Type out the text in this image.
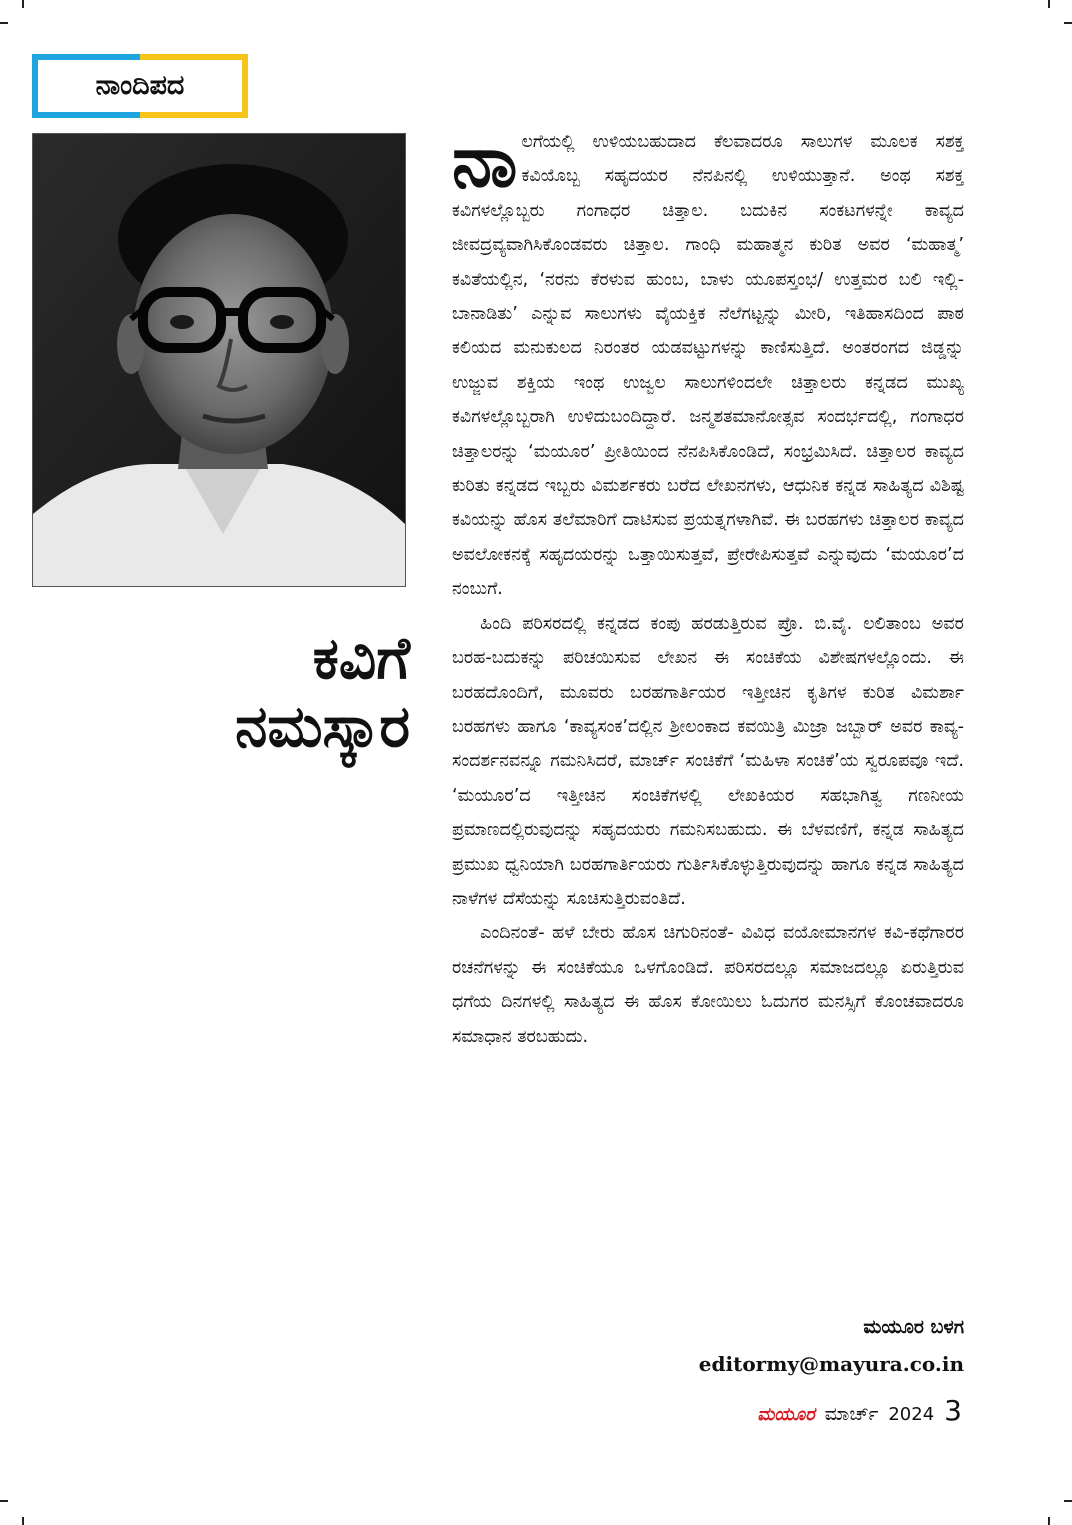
ನಾಂದಿಪದ
ಕವಿಗೆ
ನಮಸ್ಕಾರ

ನಾಲಗೆಯಲ್ಲಿ ಉಳಿಯಬಹುದಾದ ಕೆಲವಾದರೂ ಸಾಲುಗಳ ಮೂಲಕ ಸಶಕ್ತ ಕವಿಯೊಬ್ಬ ಸಹೃದಯರ ನೆನಪಿನಲ್ಲಿ ಉಳಿಯುತ್ತಾನೆ. ಅಂಥ ಸಶಕ್ತ ಕವಿಗಳಲ್ಲೊಬ್ಬರು ಗಂಗಾಧರ ಚಿತ್ತಾಲ. ಬದುಕಿನ ಸಂಕಟಗಳನ್ನೇ ಕಾವ್ಯದ ಜೀವದ್ರವ್ಯವಾಗಿಸಿಕೊಂಡವರು ಚಿತ್ತಾಲ. ಗಾಂಧಿ ಮಹಾತ್ಮನ ಕುರಿತ ಅವರ ‘ಮಹಾತ್ಮ’ ಕವಿತೆಯಲ್ಲಿನ, ‘ನರನು ಕೆರಳುವ ಹುಂಬ, ಬಾಳು ಯೂಪಸ್ತಂಭ/ ಉತ್ತಮರ ಬಲಿ ಇಲ್ಲಿ-ಬಾನಾಡಿತು’ ಎನ್ನುವ ಸಾಲುಗಳು ವೈಯಕ್ತಿಕ ನೆಲೆಗಟ್ಟನ್ನು ಮೀರಿ, ಇತಿಹಾಸದಿಂದ ಪಾಠ ಕಲಿಯದ ಮನುಕುಲದ ನಿರಂತರ ಯಡವಟ್ಟುಗಳನ್ನು ಕಾಣಿಸುತ್ತಿದೆ. ಅಂತರಂಗದ ಜಿಡ್ಡನ್ನು ಉಜ್ಜುವ ಶಕ್ತಿಯ ಇಂಥ ಉಜ್ವಲ ಸಾಲುಗಳಿಂದಲೇ ಚಿತ್ತಾಲರು ಕನ್ನಡದ ಮುಖ್ಯ ಕವಿಗಳಲ್ಲೊಬ್ಬರಾಗಿ ಉಳಿದುಬಂದಿದ್ದಾರೆ. ಜನ್ಮಶತಮಾನೋತ್ಸವ ಸಂದರ್ಭದಲ್ಲಿ, ಗಂಗಾಧರ ಚಿತ್ತಾಲರನ್ನು ‘ಮಯೂರ’ ಪ್ರೀತಿಯಿಂದ ನೆನಪಿಸಿಕೊಂಡಿದೆ, ಸಂಭ್ರಮಿಸಿದೆ. ಚಿತ್ತಾಲರ ಕಾವ್ಯದ ಕುರಿತು ಕನ್ನಡದ ಇಬ್ಬರು ವಿಮರ್ಶಕರು ಬರೆದ ಲೇಖನಗಳು, ಆಧುನಿಕ ಕನ್ನಡ ಸಾಹಿತ್ಯದ ವಿಶಿಷ್ಟ ಕವಿಯನ್ನು ಹೊಸ ತಲೆಮಾರಿಗೆ ದಾಟಿಸುವ ಪ್ರಯತ್ನಗಳಾಗಿವೆ. ಈ ಬರಹಗಳು ಚಿತ್ತಾಲರ ಕಾವ್ಯದ ಅವಲೋಕನಕ್ಕೆ ಸಹೃದಯರನ್ನು ಒತ್ತಾಯಿಸುತ್ತವೆ, ಪ್ರೇರೇಪಿಸುತ್ತವೆ ಎನ್ನುವುದು ‘ಮಯೂರ’ದ ನಂಬುಗೆ.

ಹಿಂದಿ ಪರಿಸರದಲ್ಲಿ ಕನ್ನಡದ ಕಂಪು ಹರಡುತ್ತಿರುವ ಪ್ರೊ. ಬಿ.ವೈ. ಲಲಿತಾಂಬ ಅವರ ಬರಹ-ಬದುಕನ್ನು ಪರಿಚಯಿಸುವ ಲೇಖನ ಈ ಸಂಚಿಕೆಯ ವಿಶೇಷಗಳಲ್ಲೊಂದು. ಈ ಬರಹದೊಂದಿಗೆ, ಮೂವರು ಬರಹಗಾರ್ತಿಯರ ಇತ್ತೀಚಿನ ಕೃತಿಗಳ ಕುರಿತ ವಿಮರ್ಶಾ ಬರಹಗಳು ಹಾಗೂ ‘ಕಾವ್ಯಸಂಕ’ದಲ್ಲಿನ ಶ್ರೀಲಂಕಾದ ಕವಯಿತ್ರಿ ಮಿಜ್ರಾ ಜಬ್ಬಾರ್ ಅವರ ಕಾವ್ಯ-ಸಂದರ್ಶನವನ್ನೂ ಗಮನಿಸಿದರೆ, ಮಾರ್ಚ್ ಸಂಚಿಕೆಗೆ ‘ಮಹಿಳಾ ಸಂಚಿಕೆ’ಯ ಸ್ವರೂಪವೂ ಇದೆ. ‘ಮಯೂರ’ದ ಇತ್ತೀಚಿನ ಸಂಚಿಕೆಗಳಲ್ಲಿ ಲೇಖಕಿಯರ ಸಹಭಾಗಿತ್ವ ಗಣನೀಯ ಪ್ರಮಾಣದಲ್ಲಿರುವುದನ್ನು ಸಹೃದಯರು ಗಮನಿಸಬಹುದು. ಈ ಬೆಳವಣಿಗೆ, ಕನ್ನಡ ಸಾಹಿತ್ಯದ ಪ್ರಮುಖ ಧ್ವನಿಯಾಗಿ ಬರಹಗಾರ್ತಿಯರು ಗುರ್ತಿಸಿಕೊಳ್ಳುತ್ತಿರುವುದನ್ನು ಹಾಗೂ ಕನ್ನಡ ಸಾಹಿತ್ಯದ ನಾಳೆಗಳ ದೆಸೆಯನ್ನು ಸೂಚಿಸುತ್ತಿರುವಂತಿದೆ.

ಎಂದಿನಂತೆ- ಹಳೆ ಬೇರು ಹೊಸ ಚಿಗುರಿನಂತೆ- ವಿವಿಧ ವಯೋಮಾನಗಳ ಕವಿ-ಕಥೆಗಾರರ ರಚನೆಗಳನ್ನು ಈ ಸಂಚಿಕೆಯೂ ಒಳಗೊಂಡಿದೆ. ಪರಿಸರದಲ್ಲೂ ಸಮಾಜದಲ್ಲೂ ಏರುತ್ತಿರುವ ಧಗೆಯ ದಿನಗಳಲ್ಲಿ ಸಾಹಿತ್ಯದ ಈ ಹೊಸ ಕೋಯಿಲು ಓದುಗರ ಮನಸ್ಸಿಗೆ ಕೊಂಚವಾದರೂ ಸಮಾಧಾನ ತರಬಹುದು.

ಮಯೂರ ಬಳಗ
editormy@mayura.co.in
ಮಯೂರ ಮಾರ್ಚ್ 2024 3
